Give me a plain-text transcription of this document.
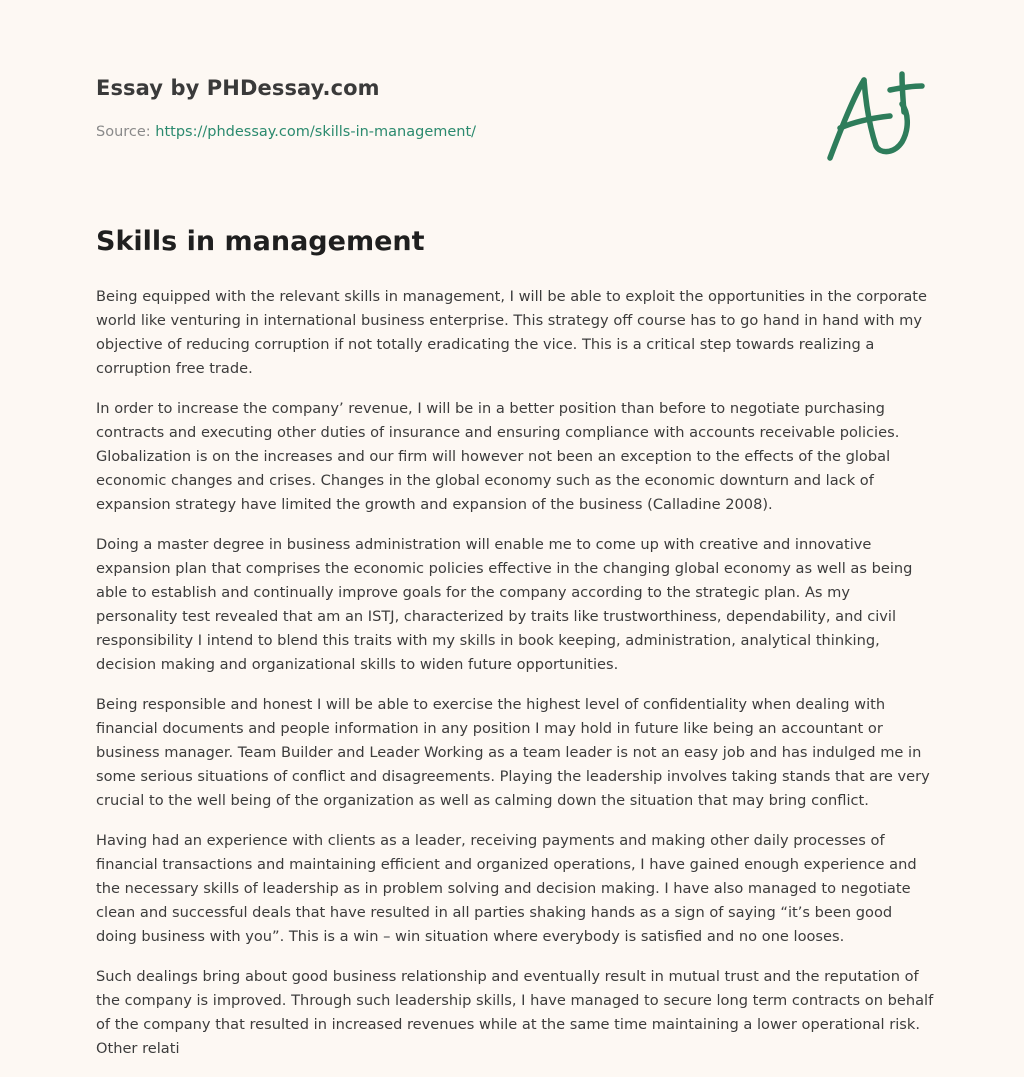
Essay by PHDessay.com
Source: https://phdessay.com/skills-in-management/
Skills in management

Being equipped with the relevant skills in management, I will be able to exploit the opportunities in the corporate world like venturing in international business enterprise. This strategy off course has to go hand in hand with my objective of reducing corruption if not totally eradicating the vice. This is a critical step towards realizing a corruption free trade.

In order to increase the company’ revenue, I will be in a better position than before to negotiate purchasing contracts and executing other duties of insurance and ensuring compliance with accounts receivable policies. Globalization is on the increases and our firm will however not been an exception to the effects of the global economic changes and crises. Changes in the global economy such as the economic downturn and lack of expansion strategy have limited the growth and expansion of the business (Calladine 2008).

Doing a master degree in business administration will enable me to come up with creative and innovative expansion plan that comprises the economic policies effective in the changing global economy as well as being able to establish and continually improve goals for the company according to the strategic plan. As my personality test revealed that am an ISTJ, characterized by traits like trustworthiness, dependability, and civil responsibility I intend to blend this traits with my skills in book keeping, administration, analytical thinking, decision making and organizational skills to widen future opportunities.

Being responsible and honest I will be able to exercise the highest level of confidentiality when dealing with financial documents and people information in any position I may hold in future like being an accountant or business manager. Team Builder and Leader Working as a team leader is not an easy job and has indulged me in some serious situations of conflict and disagreements. Playing the leadership involves taking stands that are very crucial to the well being of the organization as well as calming down the situation that may bring conflict.

Having had an experience with clients as a leader, receiving payments and making other daily processes of financial transactions and maintaining efficient and organized operations, I have gained enough experience and the necessary skills of leadership as in problem solving and decision making. I have also managed to negotiate clean and successful deals that have resulted in all parties shaking hands as a sign of saying “it’s been good doing business with you”. This is a win – win situation where everybody is satisfied and no one looses.

Such dealings bring about good business relationship and eventually result in mutual trust and the reputation of the company is improved. Through such leadership skills, I have managed to secure long term contracts on behalf of the company that resulted in increased revenues while at the same time maintaining a lower operational risk. Other relati
